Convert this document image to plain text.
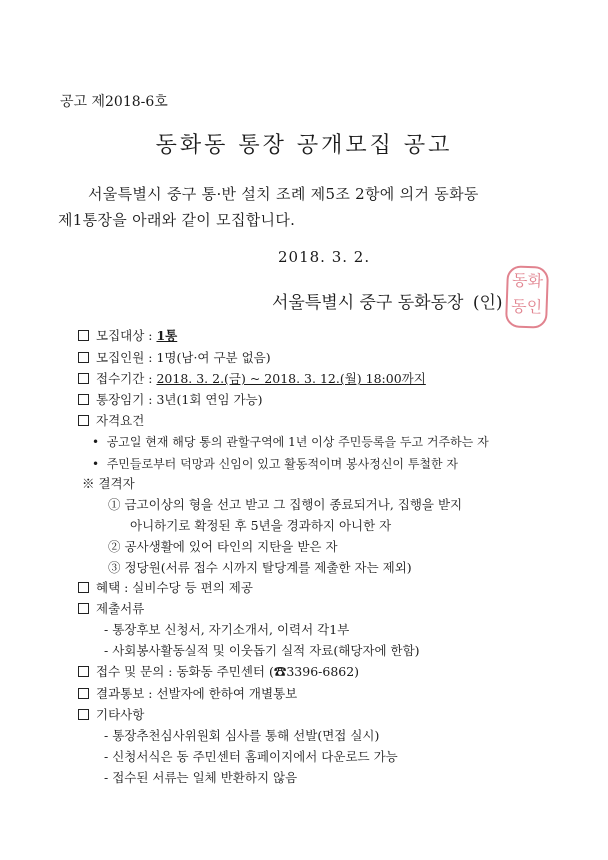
공고 제2018-6호
동화동 통장 공개모집 공고
서울특별시 중구 통·반 설치 조례 제5조 2항에 의거 동화동
제1통장을 아래와 같이 모집합니다.
2018. 3. 2.
서울특별시 중구 동화동장 (인)
동화
동인
모집대상 : 1통
모집인원 : 1명(남·여 구분 없음)
접수기간 : 2018. 3. 2.(금) ~ 2018. 3. 12.(월) 18:00까지
통장임기 : 3년(1회 연임 가능)
자격요건
•  공고일 현재 해당 통의 관할구역에 1년 이상 주민등록을 두고 거주하는 자
•  주민들로부터 덕망과 신임이 있고 활동적이며 봉사정신이 투철한 자
※ 결격자
① 금고이상의 형을 선고 받고 그 집행이 종료되거나, 집행을 받지
아니하기로 확정된 후 5년을 경과하지 아니한 자
② 공사생활에 있어 타인의 지탄을 받은 자
③ 정당원(서류 접수 시까지 탈당계를 제출한 자는 제외)
혜택 : 실비수당 등 편의 제공
제출서류
- 통장후보 신청서, 자기소개서, 이력서 각1부
- 사회봉사활동실적 및 이웃돕기 실적 자료(해당자에 한함)
접수 및 문의 : 동화동 주민센터 (☎3396-6862)
결과통보 : 선발자에 한하여 개별통보
기타사항
- 통장추천심사위원회 심사를 통해 선발(면접 실시)
- 신청서식은 동 주민센터 홈페이지에서 다운로드 가능
- 접수된 서류는 일체 반환하지 않음
